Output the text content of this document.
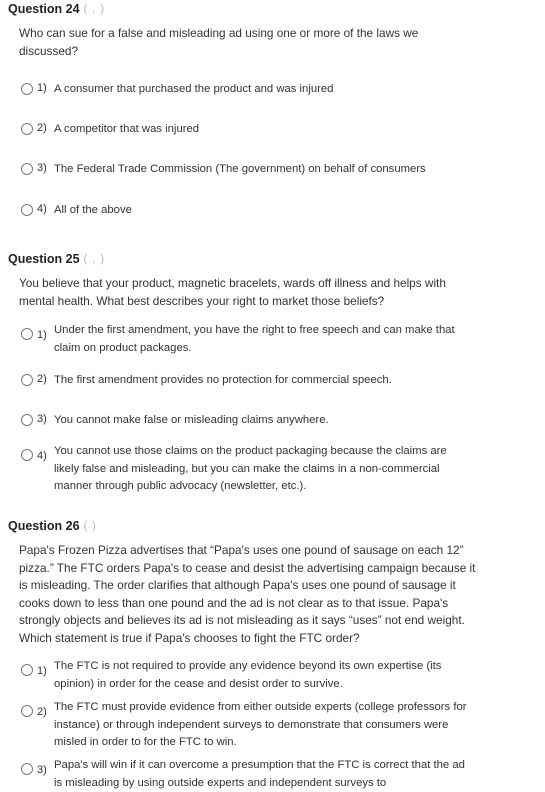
Question 24 ( , )
Who can sue for a false and misleading ad using one or more of the laws we discussed?
1) A consumer that purchased the product and was injured
2) A competitor that was injured
3) The Federal Trade Commission (The government) on behalf of consumers
4) All of the above
Question 25 ( , )
You believe that your product, magnetic bracelets, wards off illness and helps with mental health. What best describes your right to market those beliefs?
1) Under the first amendment, you have the right to free speech and can make that claim on product packages.
2) The first amendment provides no protection for commercial speech.
3) You cannot make false or misleading claims anywhere.
4) You cannot use those claims on the product packaging because the claims are likely false and misleading, but you can make the claims in a non-commercial manner through public advocacy (newsletter, etc.).
Question 26 ( )
Papa's Frozen Pizza advertises that “Papa's uses one pound of sausage on each 12” pizza.” The FTC orders Papa's to cease and desist the advertising campaign because it is misleading. The order clarifies that although Papa's uses one pound of sausage it cooks down to less than one pound and the ad is not clear as to that issue. Papa's strongly objects and believes its ad is not misleading as it says “uses” not end weight. Which statement is true if Papa's chooses to fight the FTC order?
1) The FTC is not required to provide any evidence beyond its own expertise (its opinion) in order for the cease and desist order to survive.
2) The FTC must provide evidence from either outside experts (college professors for instance) or through independent surveys to demonstrate that consumers were misled in order to for the FTC to win.
3) Papa's will win if it can overcome a presumption that the FTC is correct that the ad is misleading by using outside experts and independent surveys to
